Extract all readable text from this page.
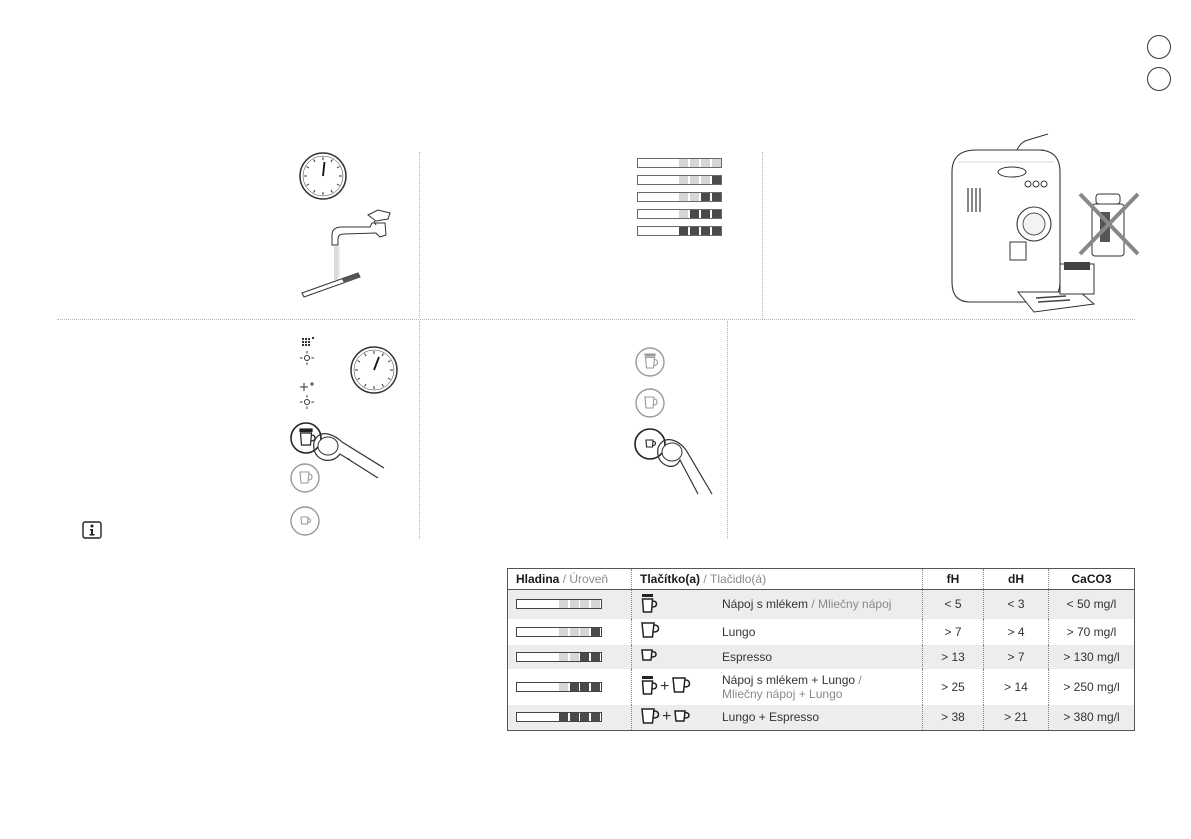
Hladina / Úroveň	Tlačítko(a) / Tlačidlo(á)	fH	dH	CaCO3

	Nápoj s mlékem / Mliečny nápoj	< 5	< 3	< 50 mg/l

	Lungo	> 7	> 4	> 70 mg/l

	Espresso	> 13	> 7	> 130 mg/l

	+ Nápoj s mlékem + Lungo / Mliečny nápoj + Lungo	> 25	> 14	> 250 mg/l

	+ Lungo + Espresso	> 38	> 21	> 380 mg/l
